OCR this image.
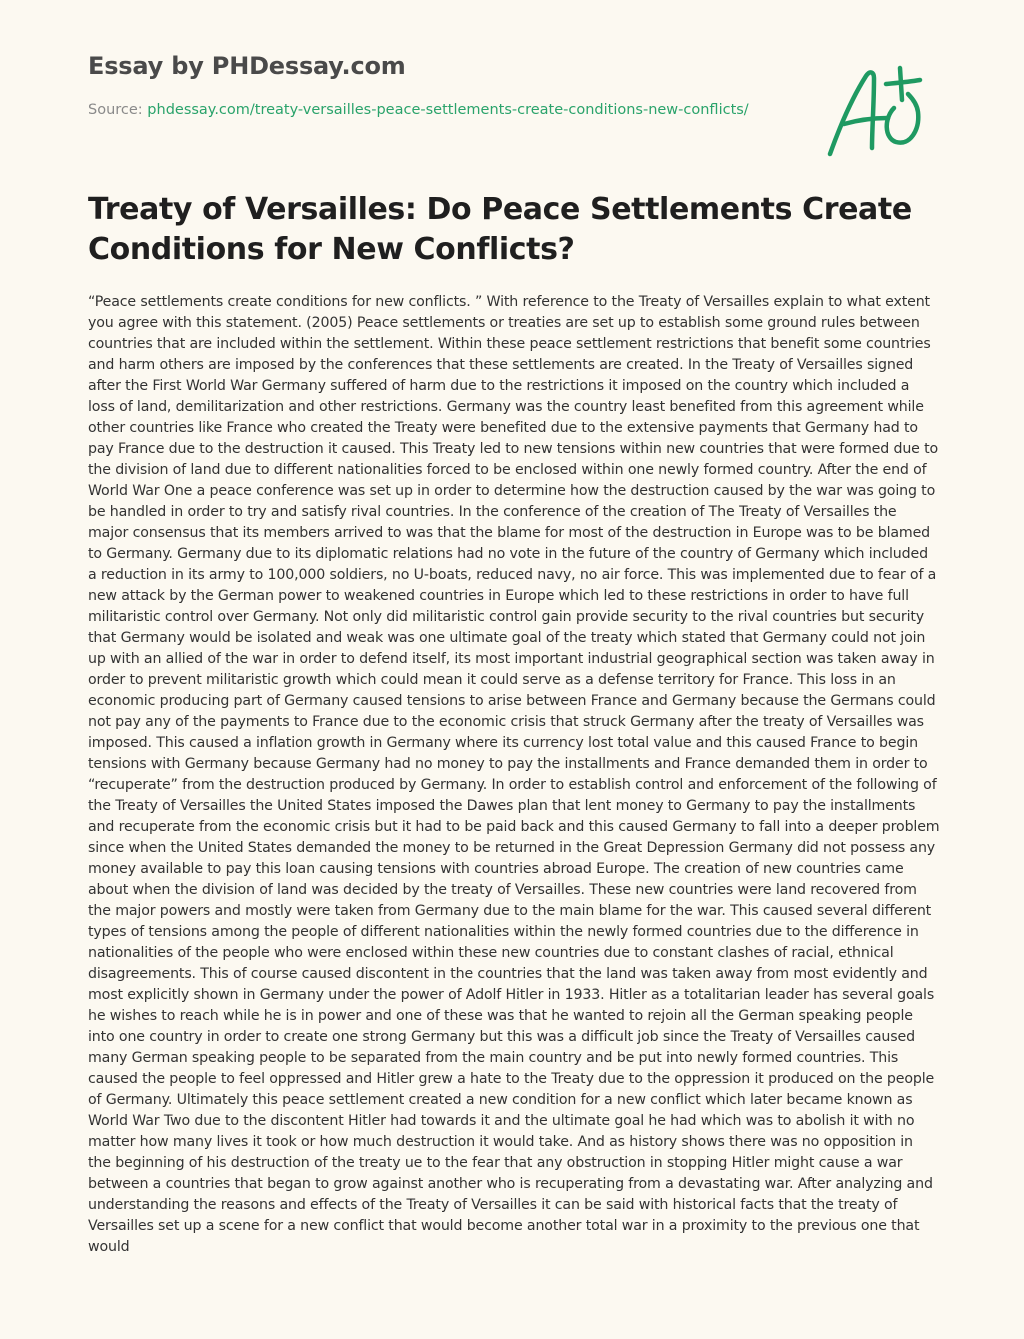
Essay by PHDessay.com
Source: phdessay.com/treaty-versailles-peace-settlements-create-conditions-new-conflicts/
Treaty of Versailles: Do Peace Settlements Create Conditions for New Conflicts?

“Peace settlements create conditions for new conflicts. ” With reference to the Treaty of Versailles explain to what extent you agree with this statement. (2005) Peace settlements or treaties are set up to establish some ground rules between countries that are included within the settlement. Within these peace settlement restrictions that benefit some countries and harm others are imposed by the conferences that these settlements are created. In the Treaty of Versailles signed after the First World War Germany suffered of harm due to the restrictions it imposed on the country which included a loss of land, demilitarization and other restrictions. Germany was the country least benefited from this agreement while other countries like France who created the Treaty were benefited due to the extensive payments that Germany had to pay France due to the destruction it caused. This Treaty led to new tensions within new countries that were formed due to the division of land due to different nationalities forced to be enclosed within one newly formed country. After the end of World War One a peace conference was set up in order to determine how the destruction caused by the war was going to be handled in order to try and satisfy rival countries. In the conference of the creation of The Treaty of Versailles the major consensus that its members arrived to was that the blame for most of the destruction in Europe was to be blamed to Germany. Germany due to its diplomatic relations had no vote in the future of the country of Germany which included a reduction in its army to 100,000 soldiers, no U-boats, reduced navy, no air force. This was implemented due to fear of a new attack by the German power to weakened countries in Europe which led to these restrictions in order to have full militaristic control over Germany. Not only did militaristic control gain provide security to the rival countries but security that Germany would be isolated and weak was one ultimate goal of the treaty which stated that Germany could not join up with an allied of the war in order to defend itself, its most important industrial geographical section was taken away in order to prevent militaristic growth which could mean it could serve as a defense territory for France. This loss in an economic producing part of Germany caused tensions to arise between France and Germany because the Germans could not pay any of the payments to France due to the economic crisis that struck Germany after the treaty of Versailles was imposed. This caused a inflation growth in Germany where its currency lost total value and this caused France to begin tensions with Germany because Germany had no money to pay the installments and France demanded them in order to “recuperate” from the destruction produced by Germany. In order to establish control and enforcement of the following of the Treaty of Versailles the United States imposed the Dawes plan that lent money to Germany to pay the installments and recuperate from the economic crisis but it had to be paid back and this caused Germany to fall into a deeper problem since when the United States demanded the money to be returned in the Great Depression Germany did not possess any money available to pay this loan causing tensions with countries abroad Europe. The creation of new countries came about when the division of land was decided by the treaty of Versailles. These new countries were land recovered from the major powers and mostly were taken from Germany due to the main blame for the war. This caused several different types of tensions among the people of different nationalities within the newly formed countries due to the difference in nationalities of the people who were enclosed within these new countries due to constant clashes of racial, ethnical disagreements. This of course caused discontent in the countries that the land was taken away from most evidently and most explicitly shown in Germany under the power of Adolf Hitler in 1933. Hitler as a totalitarian leader has several goals he wishes to reach while he is in power and one of these was that he wanted to rejoin all the German speaking people into one country in order to create one strong Germany but this was a difficult job since the Treaty of Versailles caused many German speaking people to be separated from the main country and be put into newly formed countries. This caused the people to feel oppressed and Hitler grew a hate to the Treaty due to the oppression it produced on the people of Germany. Ultimately this peace settlement created a new condition for a new conflict which later became known as World War Two due to the discontent Hitler had towards it and the ultimate goal he had which was to abolish it with no matter how many lives it took or how much destruction it would take. And as history shows there was no opposition in the beginning of his destruction of the treaty ue to the fear that any obstruction in stopping Hitler might cause a war between a countries that began to grow against another who is recuperating from a devastating war. After analyzing and understanding the reasons and effects of the Treaty of Versailles it can be said with historical facts that the treaty of Versailles set up a scene for a new conflict that would become another total war in a proximity to the previous one that would
